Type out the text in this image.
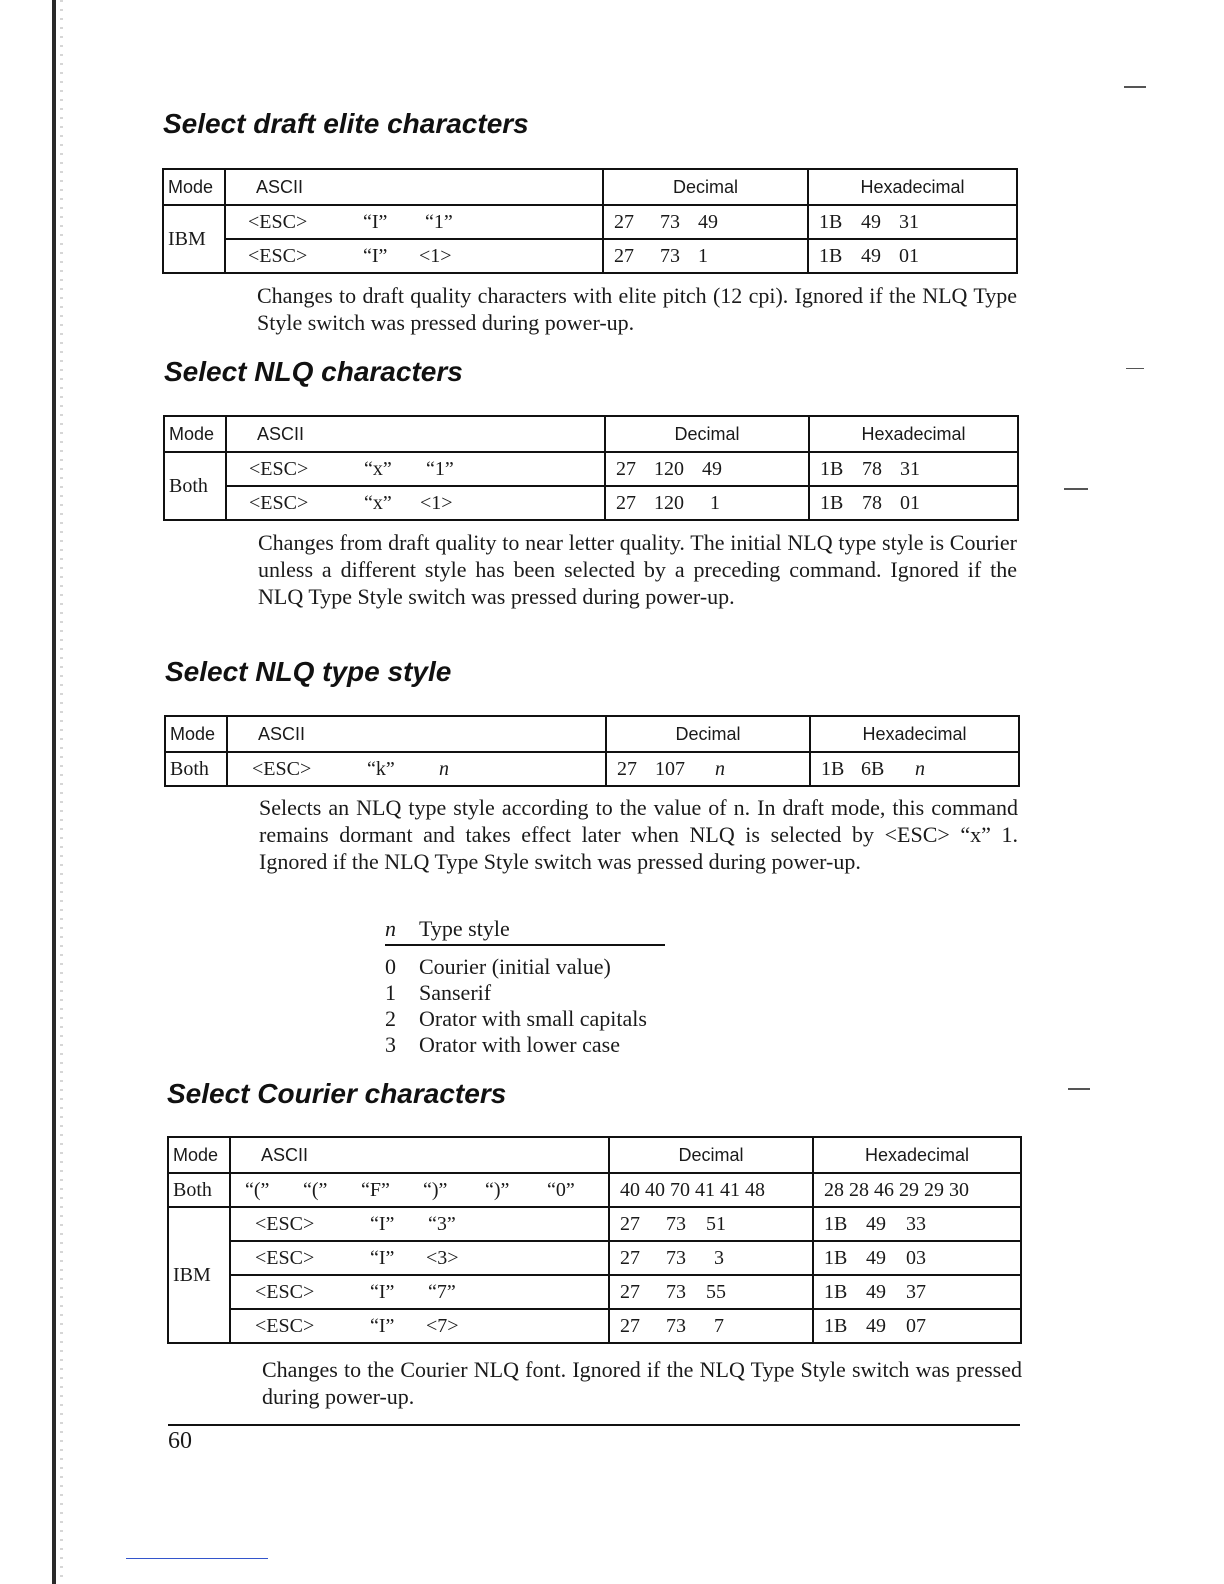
Select draft elite characters
Mode	ASCII	Decimal	Hexadecimal
IBM	<ESC> “I” “1”	27 73 49	1B 49 31
	<ESC> “I” <1>	27 73 1	1B 49 01

Changes to draft quality characters with elite pitch (12 cpi). Ignored if the NLQ Type Style switch was pressed during power-up.

Select NLQ characters
Mode	ASCII	Decimal	Hexadecimal
Both	<ESC> “x” “1”	27 120 49	1B 78 31
	<ESC> “x” <1>	27 120 1	1B 78 01

Changes from draft quality to near letter quality. The initial NLQ type style is Courier unless a different style has been selected by a preceding command. Ignored if the NLQ Type Style switch was pressed during power-up.

Select NLQ type style
Mode	ASCII	Decimal	Hexadecimal
Both	<ESC> “k” n	27 107 n	1B 6B n

Selects an NLQ type style according to the value of n. In draft mode, this command remains dormant and takes effect later when NLQ is selected by <ESC> “x” 1. Ignored if the NLQ Type Style switch was pressed during power-up.

n	Type style
0	Courier (initial value)
1	Sanserif
2	Orator with small capitals
3	Orator with lower case
Select Courier characters
Mode	ASCII	Decimal	Hexadecimal
Both	“(” “(” “F” “)” “)” “0”	40 40 70 41 41 48	28 28 46 29 29 30
IBM	<ESC> “I” “3”	27 73 51	1B 49 33
	<ESC> “I” <3>	27 73 3	1B 49 03
	<ESC> “I” “7”	27 73 55	1B 49 37
	<ESC> “I” <7>	27 73 7	1B 49 07

Changes to the Courier NLQ font. Ignored if the NLQ Type Style switch was pressed during power-up.

60
